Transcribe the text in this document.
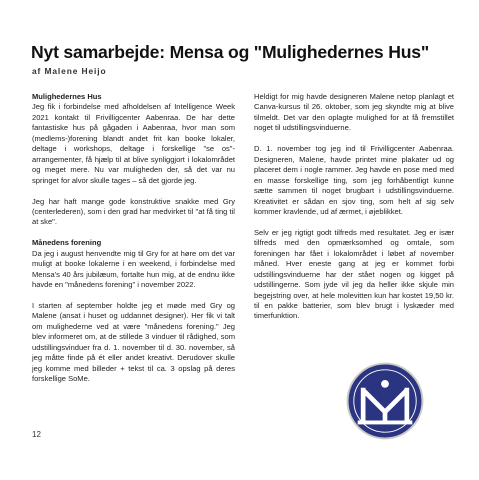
Nyt samarbejde: Mensa og "Mulighedernes Hus"
af Malene Heijo
Mulighedernes Hus

Jeg fik i forbindelse med afholdelsen af Intelligence Week 2021 kontakt til Frivilligcenter Aabenraa. De har dette fantastiske hus på gågaden i Aabenraa, hvor man som (medlems-)forening blandt andet frit kan booke lokaler, deltage i workshops, deltage i forskellige "se os"-arrangementer, få hjælp til at blive synliggjort i lokalområdet og meget mere. Nu var muligheden der, så det var nu springet for alvor skulle tages – så det gjorde jeg.

Jeg har haft mange gode konstruktive snakke med Gry (centerlederen), som i den grad har medvirket til "at få ting til at ske".

Månedens forening

Da jeg i august henvendte mig til Gry for at høre om det var muligt at booke lokalerne i en weekend, i forbindelse med Mensa's 40 års jubilæum, fortalte hun mig, at de endnu ikke havde en "månedens forening" i november 2022.

I starten af september holdte jeg et møde med Gry og Malene (ansat i huset og uddannet designer). Her fik vi talt om mulighederne ved at være "månedens forening." Jeg blev informeret om, at de stillede 3 vinduer til rådighed, som udstillingsvinduer fra d. 1. november til d. 30. november, så jeg måtte finde på ét eller andet kreativt. Derudover skulle jeg komme med billeder + tekst til ca. 3 opslag på deres forskellige SoMe.

Heldigt for mig havde designeren Malene netop planlagt et Canva-kursus til 26. oktober, som jeg skyndte mig at blive tilmeldt. Det var den oplagte mulighed for at få fremstillet noget til udstillingsvinduerne.

D. 1. november tog jeg ind til Frivilligcenter Aabenraa. Designeren, Malene, havde printet mine plakater ud og placeret dem i nogle rammer. Jeg havde en pose med med en masse forskellige ting, som jeg forhåbentligt kunne sætte sammen til noget brugbart i udstillingsvinduerne. Kreativitet er sådan en sjov ting, som helt af sig selv kommer kravlende, ud af ærmet, i øjeblikket.

Selv er jeg rigtigt godt tilfreds med resultatet. Jeg er især tilfreds med den opmærksomhed og omtale, som foreningen har fået i lokalområdet i løbet af november måned. Hver eneste gang at jeg er kommet forbi udstillingsvinduerne har der stået nogen og kigget på udstillingerne. Som jyde vil jeg da heller ikke skjule min begejstring over, at hele molevitten kun har kostet 19,50 kr. til en pakke batterier, som blev brugt i lyskæder med timerfunktion.

12
